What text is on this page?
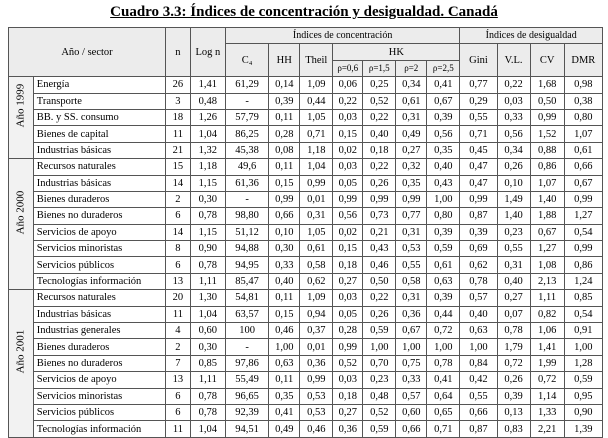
Cuadro 3.3: Índices de concentración y desigualdad. Canadá
Año / sector		n	Log n	Índices de concentración							Índices de desigualdad			
				C₄	HH	Theil	HK				Gini	V.L.	CV	DMR
							ρ=0,6	ρ=1,5	ρ=2	ρ=2,5				

Año 1999	Energía	26	1,41	61,29	0,14	1,09	0,06	0,25	0,34	0,41	0,77	0,22	1,68	0,98
	Transporte	3	0,48	-	0,39	0,44	0,22	0,52	0,61	0,67	0,29	0,03	0,50	0,38
	BB. y SS. consumo	18	1,26	57,79	0,11	1,05	0,03	0,22	0,31	0,39	0,55	0,33	0,99	0,80
	Bienes de capital	11	1,04	86,25	0,28	0,71	0,15	0,40	0,49	0,56	0,71	0,56	1,52	1,07
	Industrias básicas	21	1,32	45,38	0,08	1,18	0,02	0,18	0,27	0,35	0,45	0,34	0,88	0,61

Año 2000	Recursos naturales	15	1,18	49,6	0,11	1,04	0,03	0,22	0,32	0,40	0,47	0,26	0,86	0,66
	Industrias básicas	14	1,15	61,36	0,15	0,99	0,05	0,26	0,35	0,43	0,47	0,10	1,07	0,67
	Bienes duraderos	2	0,30	-	0,99	0,01	0,99	0,99	0,99	1,00	0,99	1,49	1,40	0,99
	Bienes no duraderos	6	0,78	98,80	0,66	0,31	0,56	0,73	0,77	0,80	0,87	1,40	1,88	1,27
	Servicios de apoyo	14	1,15	51,12	0,10	1,05	0,02	0,21	0,31	0,39	0,39	0,23	0,67	0,54
	Servicios minoristas	8	0,90	94,88	0,30	0,61	0,15	0,43	0,53	0,59	0,69	0,55	1,27	0,99
	Servicios públicos	6	0,78	94,95	0,33	0,58	0,18	0,46	0,55	0,61	0,62	0,31	1,08	0,86
	Tecnologías información	13	1,11	85,47	0,40	0,62	0,27	0,50	0,58	0,63	0,78	0,40	2,13	1,24

Año 2001	Recursos naturales	20	1,30	54,81	0,11	1,09	0,03	0,22	0,31	0,39	0,57	0,27	1,11	0,85
	Industrias básicas	11	1,04	63,57	0,15	0,94	0,05	0,26	0,36	0,44	0,40	0,07	0,82	0,54
	Industrias generales	4	0,60	100	0,46	0,37	0,28	0,59	0,67	0,72	0,63	0,78	1,06	0,91
	Bienes duraderos	2	0,30	-	1,00	0,01	0,99	1,00	1,00	1,00	1,00	1,79	1,41	1,00
	Bienes no duraderos	7	0,85	97,86	0,63	0,36	0,52	0,70	0,75	0,78	0,84	0,72	1,99	1,28
	Servicios de apoyo	13	1,11	55,49	0,11	0,99	0,03	0,23	0,33	0,41	0,42	0,26	0,72	0,59
	Servicios minoristas	6	0,78	96,65	0,35	0,53	0,18	0,48	0,57	0,64	0,55	0,39	1,14	0,95
	Servicios públicos	6	0,78	92,39	0,41	0,53	0,27	0,52	0,60	0,65	0,66	0,13	1,33	0,90
	Tecnologías información	11	1,04	94,51	0,49	0,46	0,36	0,59	0,66	0,71	0,87	0,83	2,21	1,39
